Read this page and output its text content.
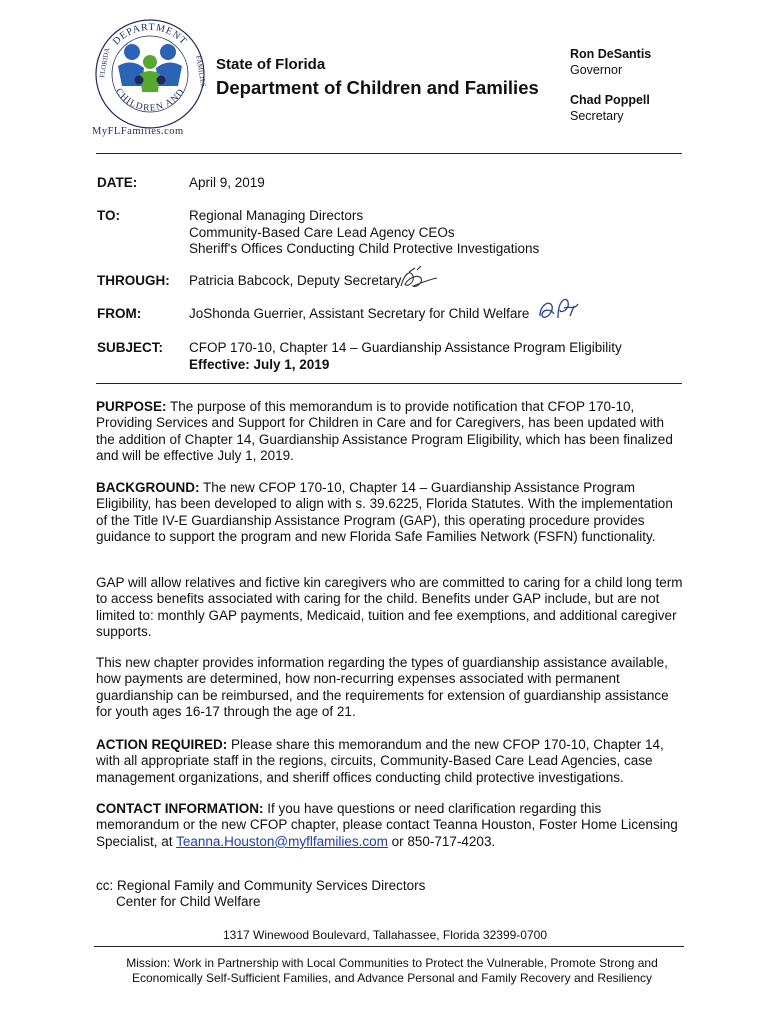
DEPARTMENT
CHILDREN AND
FLORIDA	FAMILIES
MyFLFamilies.com
State of Florida
Department of Children and Families
Ron DeSantis
Governor
Chad Poppell
Secretary
DATE:	April 9, 2019
TO:	Regional Managing Directors
Community-Based Care Lead Agency CEOs
Sheriff's Offices Conducting Child Protective Investigations
THROUGH: Patricia Babcock, Deputy Secretary
FROM:	JoShonda Guerrier, Assistant Secretary for Child Welfare
SUBJECT: CFOP 170-10, Chapter 14 – Guardianship Assistance Program Eligibility
Effective: July 1, 2019
PURPOSE: The purpose of this memorandum is to provide notification that CFOP 170-10, Providing Services and Support for Children in Care and for Caregivers, has been updated with the addition of Chapter 14, Guardianship Assistance Program Eligibility, which has been finalized and will be effective July 1, 2019.
BACKGROUND: The new CFOP 170-10, Chapter 14 – Guardianship Assistance Program Eligibility, has been developed to align with s. 39.6225, Florida Statutes. With the implementation of the Title IV-E Guardianship Assistance Program (GAP), this operating procedure provides guidance to support the program and new Florida Safe Families Network (FSFN) functionality.
GAP will allow relatives and fictive kin caregivers who are committed to caring for a child long term to access benefits associated with caring for the child. Benefits under GAP include, but are not limited to: monthly GAP payments, Medicaid, tuition and fee exemptions, and additional caregiver supports.
This new chapter provides information regarding the types of guardianship assistance available, how payments are determined, how non-recurring expenses associated with permanent guardianship can be reimbursed, and the requirements for extension of guardianship assistance for youth ages 16-17 through the age of 21.
ACTION REQUIRED: Please share this memorandum and the new CFOP 170-10, Chapter 14, with all appropriate staff in the regions, circuits, Community-Based Care Lead Agencies, case management organizations, and sheriff offices conducting child protective investigations.
CONTACT INFORMATION: If you have questions or need clarification regarding this memorandum or the new CFOP chapter, please contact Teanna Houston, Foster Home Licensing Specialist, at Teanna.Houston@myflfamilies.com or 850-717-4203.
cc: Regional Family and Community Services Directors
Center for Child Welfare
1317 Winewood Boulevard, Tallahassee, Florida 32399-0700
Mission: Work in Partnership with Local Communities to Protect the Vulnerable, Promote Strong and Economically Self-Sufficient Families, and Advance Personal and Family Recovery and Resiliency
